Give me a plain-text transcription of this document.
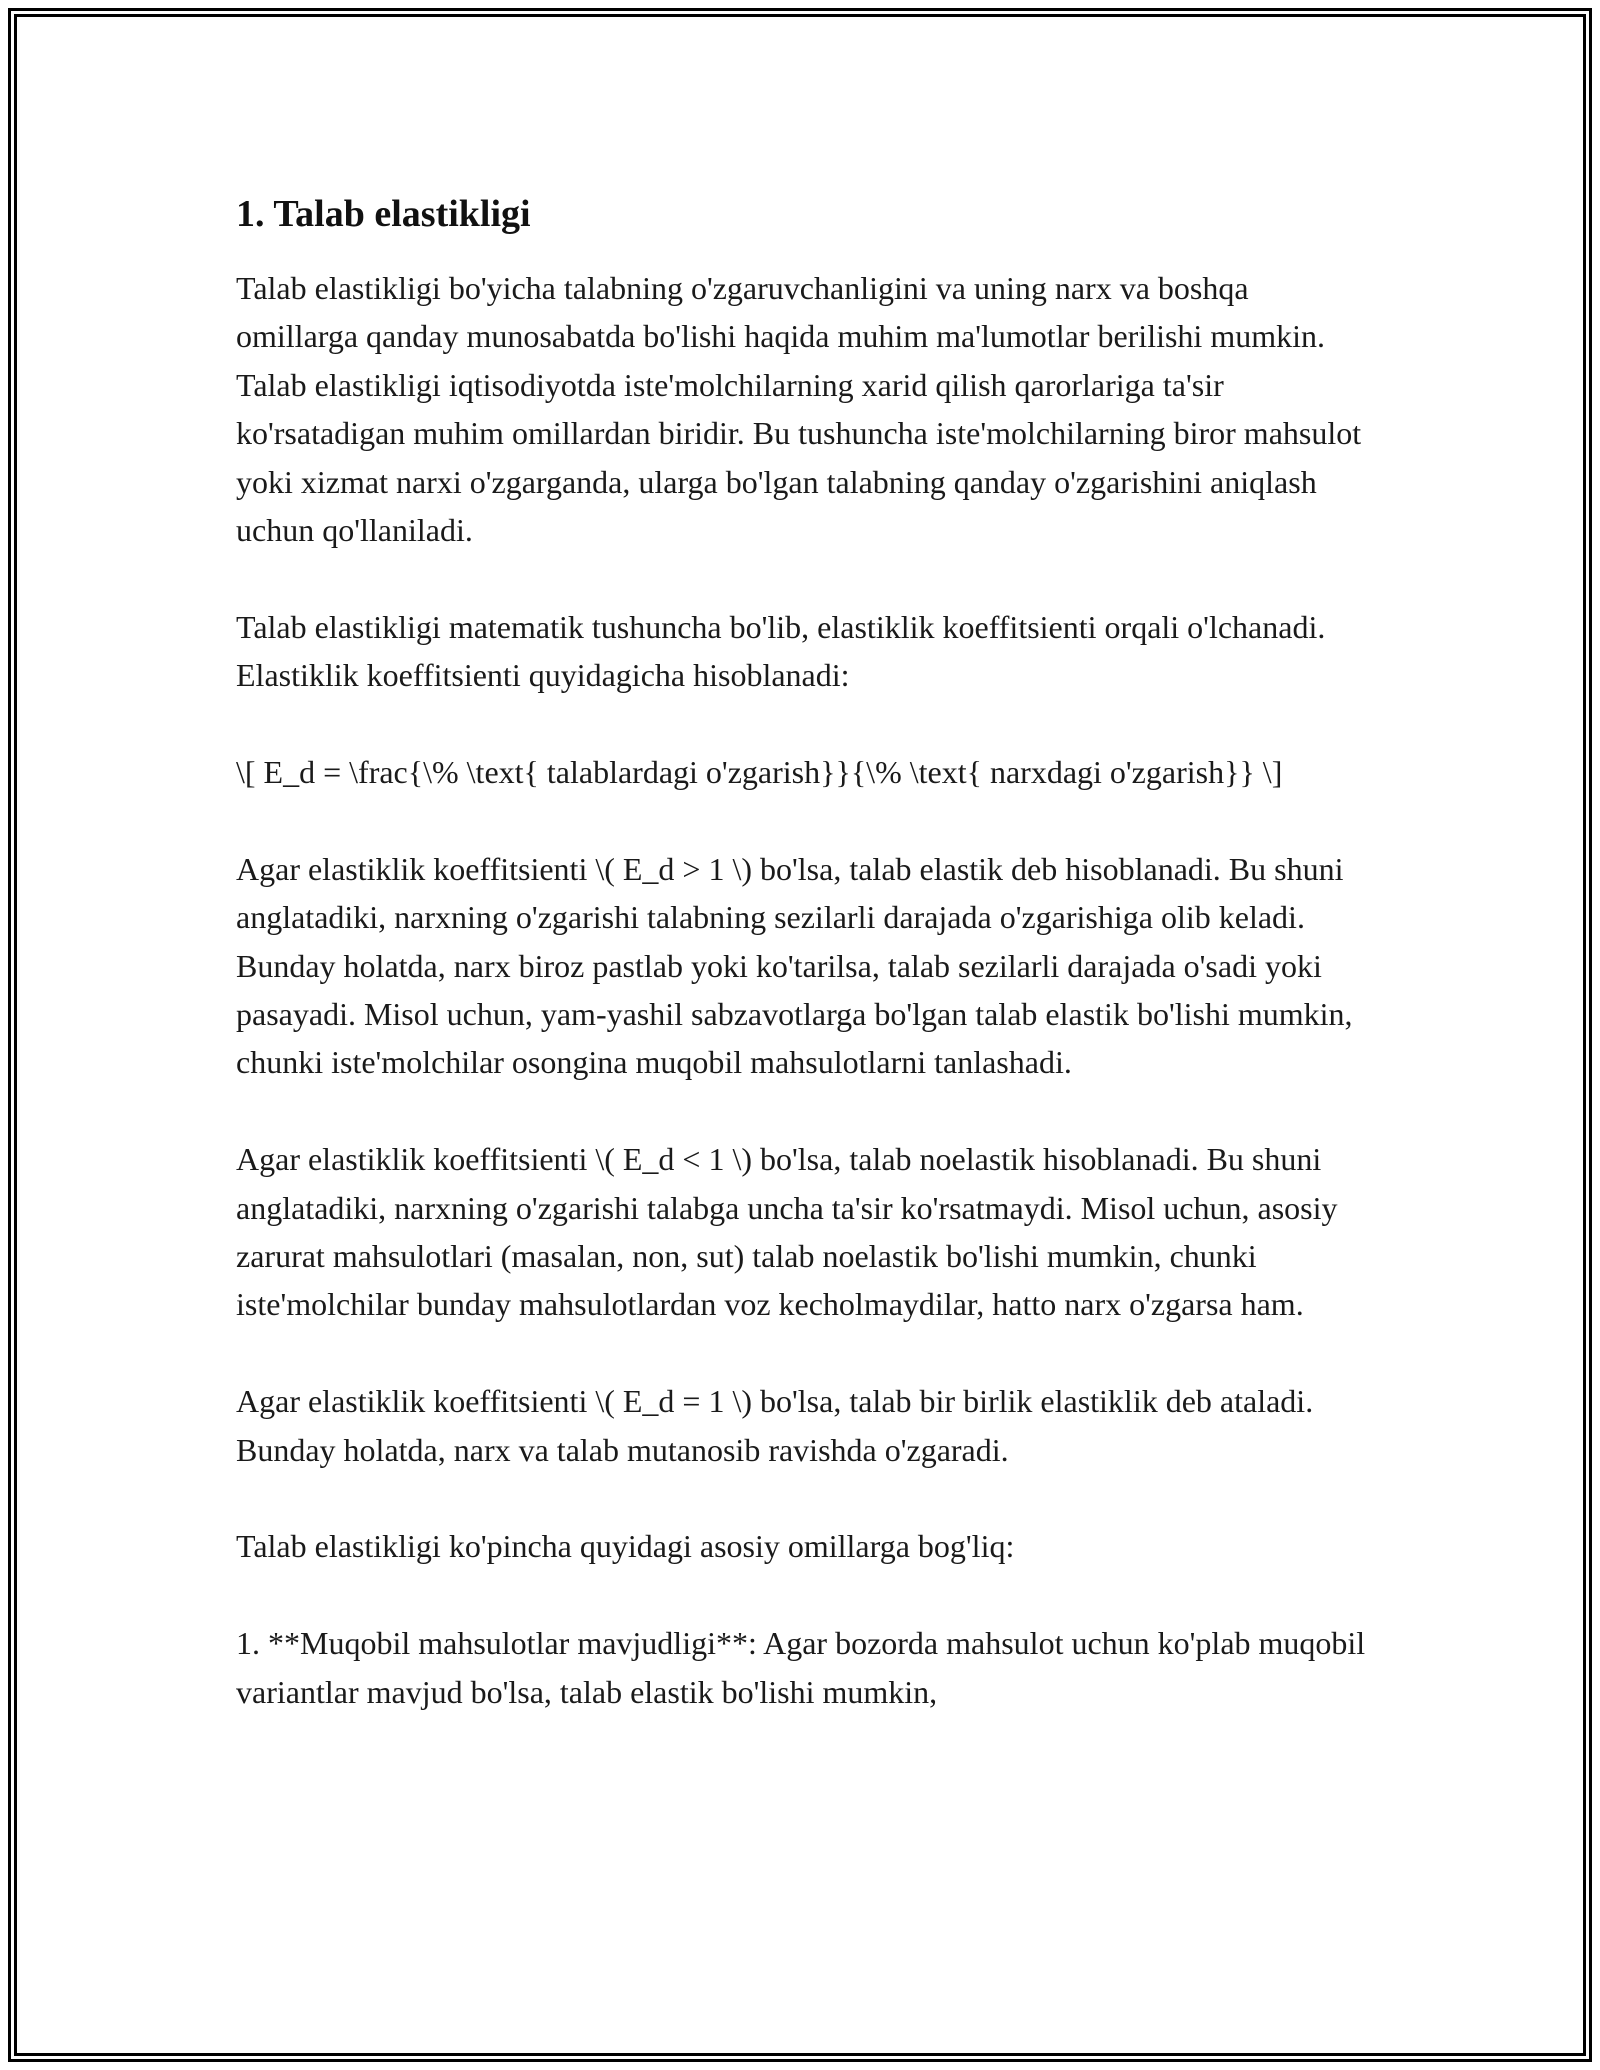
1. Talab elastikligi

Talab elastikligi bo'yicha talabning o'zgaruvchanligini va uning narx va boshqa omillarga qanday munosabatda bo'lishi haqida muhim ma'lumotlar berilishi mumkin. Talab elastikligi iqtisodiyotda iste'molchilarning xarid qilish qarorlariga ta'sir ko'rsatadigan muhim omillardan biridir. Bu tushuncha iste'molchilarning biror mahsulot yoki xizmat narxi o'zgarganda, ularga bo'lgan talabning qanday o'zgarishini aniqlash uchun qo'llaniladi.

Talab elastikligi matematik tushuncha bo'lib, elastiklik koeffitsienti orqali o'lchanadi. Elastiklik koeffitsienti quyidagicha hisoblanadi:

\[ E_d = \frac{\% \text{ talablardagi o'zgarish}}{\% \text{ narxdagi o'zgarish}} \]

Agar elastiklik koeffitsienti \( E_d > 1 \) bo'lsa, talab elastik deb hisoblanadi. Bu shuni anglatadiki, narxning o'zgarishi talabning sezilarli darajada o'zgarishiga olib keladi. Bunday holatda, narx biroz pastlab yoki ko'tarilsa, talab sezilarli darajada o'sadi yoki pasayadi. Misol uchun, yam-yashil sabzavotlarga bo'lgan talab elastik bo'lishi mumkin, chunki iste'molchilar osongina muqobil mahsulotlarni tanlashadi.

Agar elastiklik koeffitsienti \( E_d < 1 \) bo'lsa, talab noelastik hisoblanadi. Bu shuni anglatadiki, narxning o'zgarishi talabga uncha ta'sir ko'rsatmaydi. Misol uchun, asosiy zarurat mahsulotlari (masalan, non, sut) talab noelastik bo'lishi mumkin, chunki iste'molchilar bunday mahsulotlardan voz kecholmaydilar, hatto narx o'zgarsa ham.

Agar elastiklik koeffitsienti \( E_d = 1 \) bo'lsa, talab bir birlik elastiklik deb ataladi. Bunday holatda, narx va talab mutanosib ravishda o'zgaradi.

Talab elastikligi ko'pincha quyidagi asosiy omillarga bog'liq:

1. **Muqobil mahsulotlar mavjudligi**: Agar bozorda mahsulot uchun ko'plab muqobil variantlar mavjud bo'lsa, talab elastik bo'lishi mumkin,
